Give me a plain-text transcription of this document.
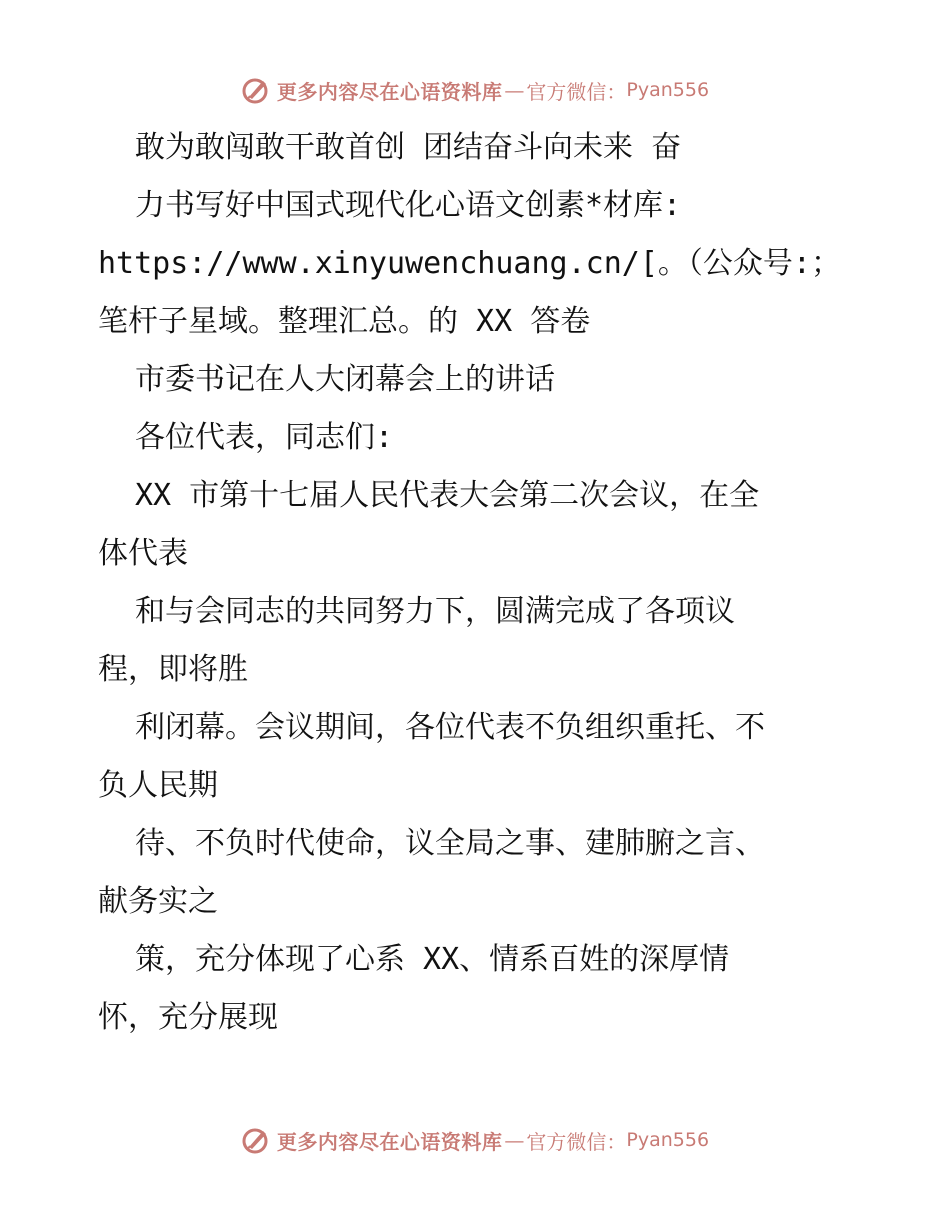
更多内容尽在心语资料库 — 官方微信： Pyan556
敢为敢闯敢干敢首创 团结奋斗向未来 奋
力书写好中国式现代化心语文创素*材库:
https://www.xinyuwenchuang.cn/[。（公众号:；
笔杆子星域。整理汇总。的 XX 答卷
市委书记在人大闭幕会上的讲话
各位代表，同志们:
XX 市第十七届人民代表大会第二次会议，在全
体代表
和与会同志的共同努力下，圆满完成了各项议
程，即将胜
利闭幕。会议期间，各位代表不负组织重托、不
负人民期
待、不负时代使命，议全局之事、建肺腑之言、
献务实之
策，充分体现了心系 XX、情系百姓的深厚情
怀，充分展现
更多内容尽在心语资料库 — 官方微信： Pyan556
